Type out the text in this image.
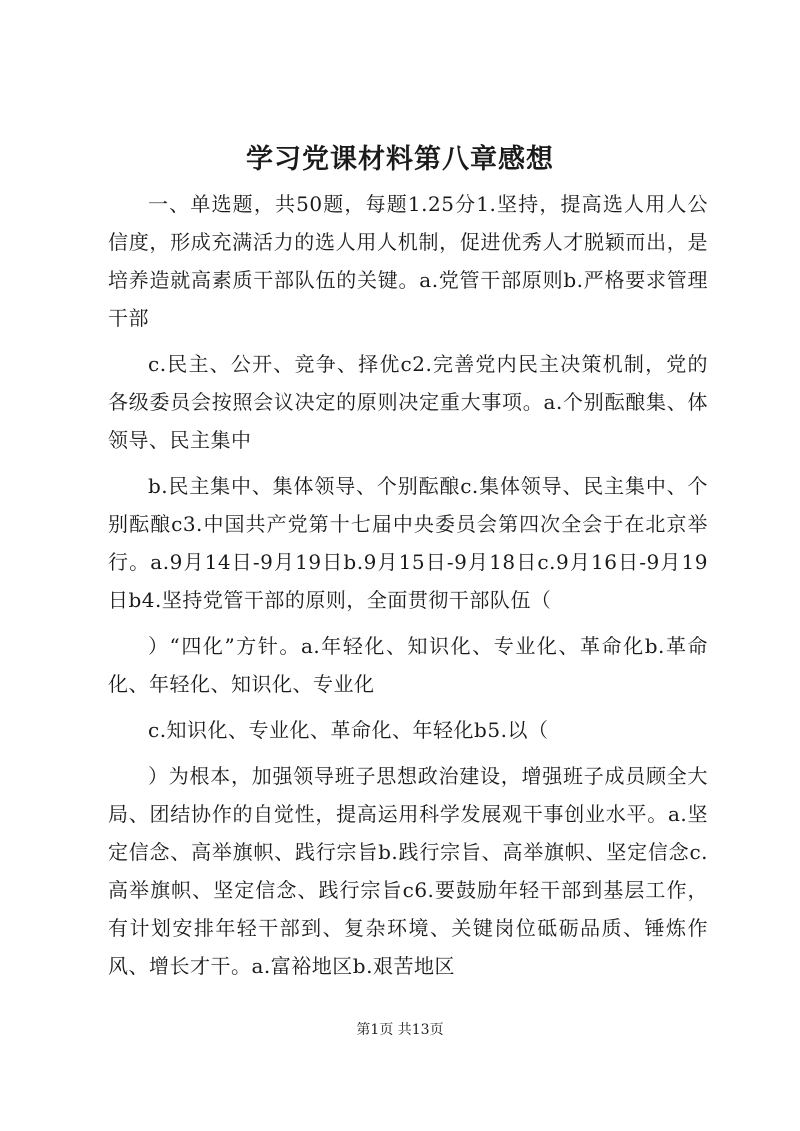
学习党课材料第八章感想

一、单选题，共50题，每题1.25分1.坚持，提高选人用人公信度，形成充满活力的选人用人机制，促进优秀人才脱颖而出，是培养造就高素质干部队伍的关键。a.党管干部原则b.严格要求管理干部

c.民主、公开、竞争、择优c2.完善党内民主决策机制，党的各级委员会按照会议决定的原则决定重大事项。a.个别酝酿集、体领导、民主集中

b.民主集中、集体领导、个别酝酿c.集体领导、民主集中、个别酝酿c3.中国共产党第十七届中央委员会第四次全会于在北京举行。a.9月14日-9月19日b.9月15日-9月18日c.9月16日-9月19日b4.坚持党管干部的原则，全面贯彻干部队伍（

）“四化”方针。a.年轻化、知识化、专业化、革命化b.革命化、年轻化、知识化、专业化

c.知识化、专业化、革命化、年轻化b5.以（

）为根本，加强领导班子思想政治建设，增强班子成员顾全大局、团结协作的自觉性，提高运用科学发展观干事创业水平。a.坚定信念、高举旗帜、践行宗旨b.践行宗旨、高举旗帜、坚定信念c.高举旗帜、坚定信念、践行宗旨c6.要鼓励年轻干部到基层工作，有计划安排年轻干部到、复杂环境、关键岗位砥砺品质、锤炼作风、增长才干。a.富裕地区b.艰苦地区

第1页 共13页
